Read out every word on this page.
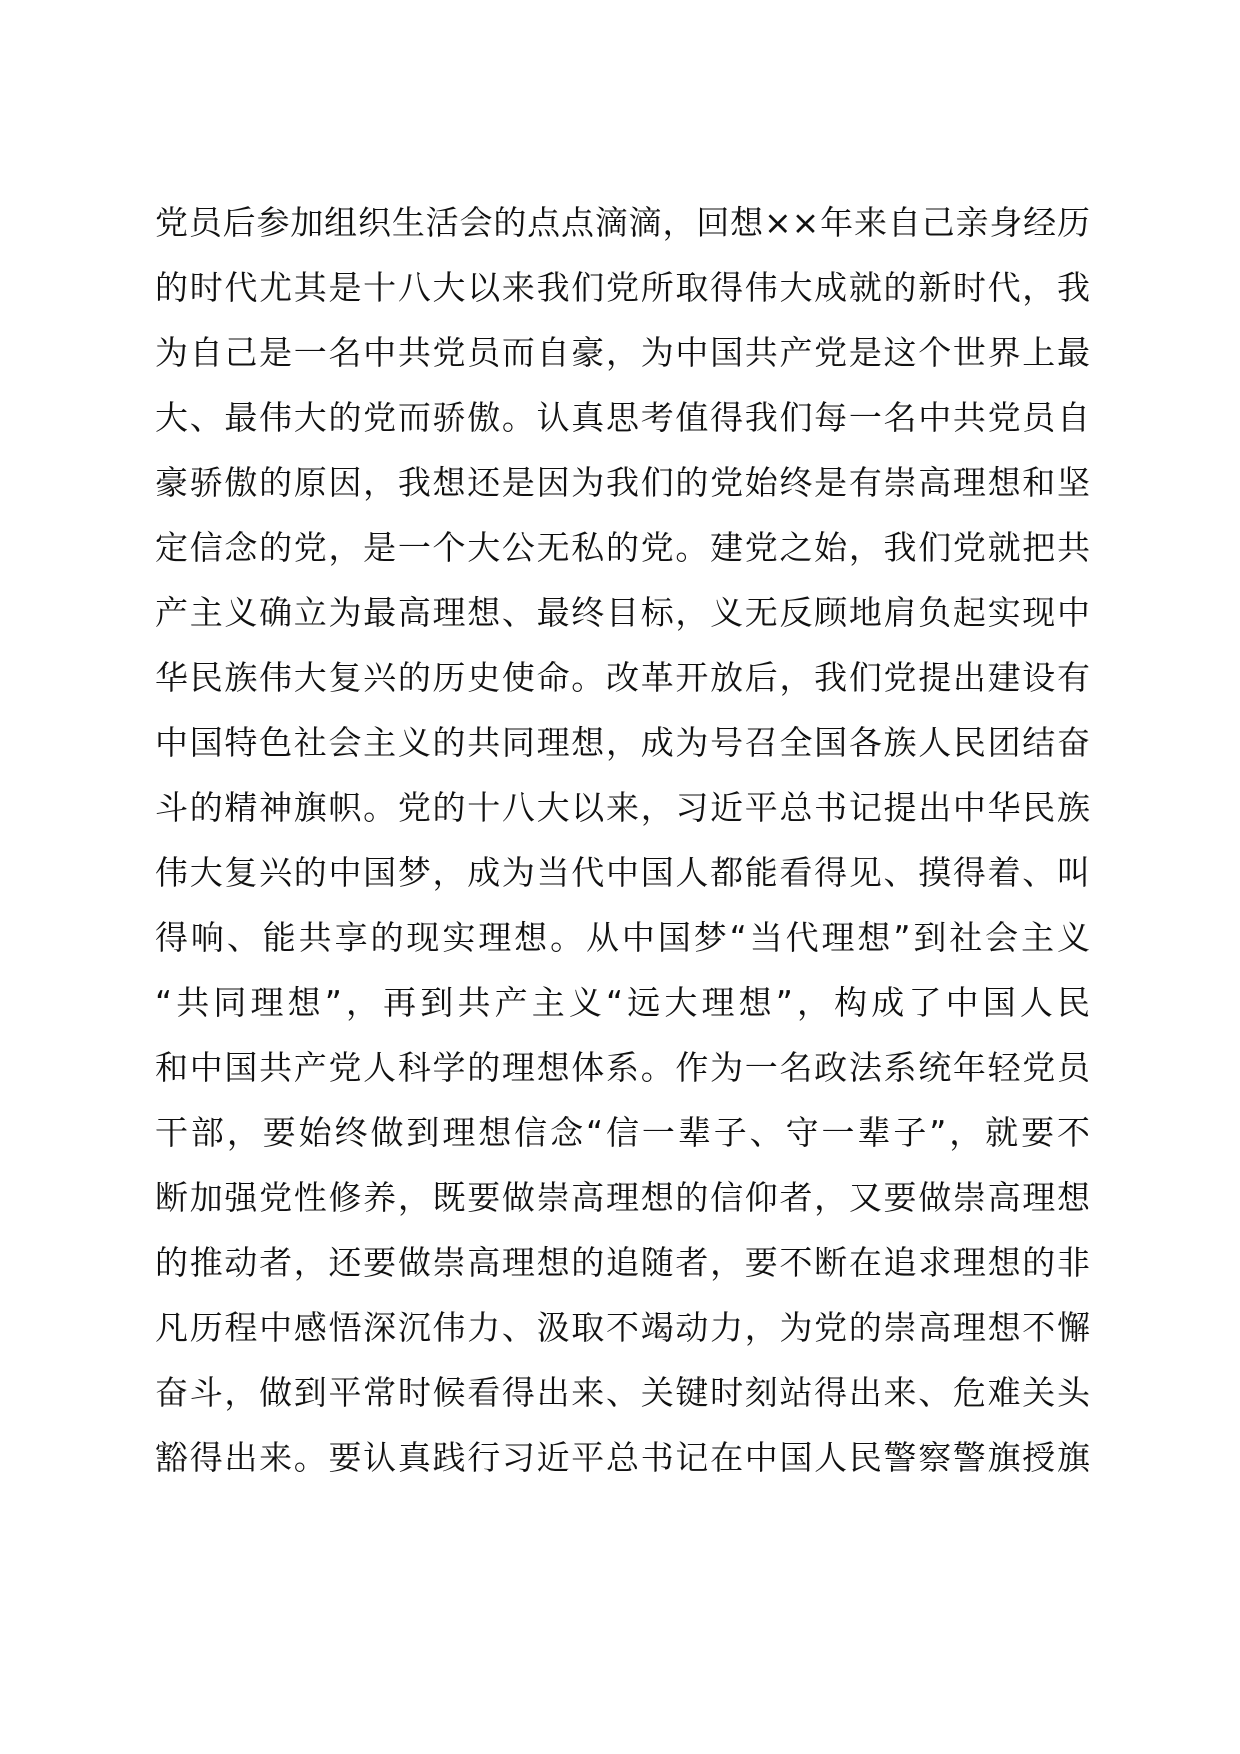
党员后参加组织生活会的点点滴滴，回想××年来自己亲身经历
的时代尤其是十八大以来我们党所取得伟大成就的新时代，我
为自己是一名中共党员而自豪，为中国共产党是这个世界上最
大、最伟大的党而骄傲。认真思考值得我们每一名中共党员自
豪骄傲的原因，我想还是因为我们的党始终是有崇高理想和坚
定信念的党，是一个大公无私的党。建党之始，我们党就把共
产主义确立为最高理想、最终目标，义无反顾地肩负起实现中
华民族伟大复兴的历史使命。改革开放后，我们党提出建设有
中国特色社会主义的共同理想，成为号召全国各族人民团结奋
斗的精神旗帜。党的十八大以来，习近平总书记提出中华民族
伟大复兴的中国梦，成为当代中国人都能看得见、摸得着、叫
得响、能共享的现实理想。从中国梦“当代理想”到社会主义
“共同理想”，再到共产主义“远大理想”，构成了中国人民
和中国共产党人科学的理想体系。作为一名政法系统年轻党员
干部，要始终做到理想信念“信一辈子、守一辈子”，就要不
断加强党性修养，既要做崇高理想的信仰者，又要做崇高理想
的推动者，还要做崇高理想的追随者，要不断在追求理想的非
凡历程中感悟深沉伟力、汲取不竭动力，为党的崇高理想不懈
奋斗，做到平常时候看得出来、关键时刻站得出来、危难关头
豁得出来。要认真践行习近平总书记在中国人民警察警旗授旗
